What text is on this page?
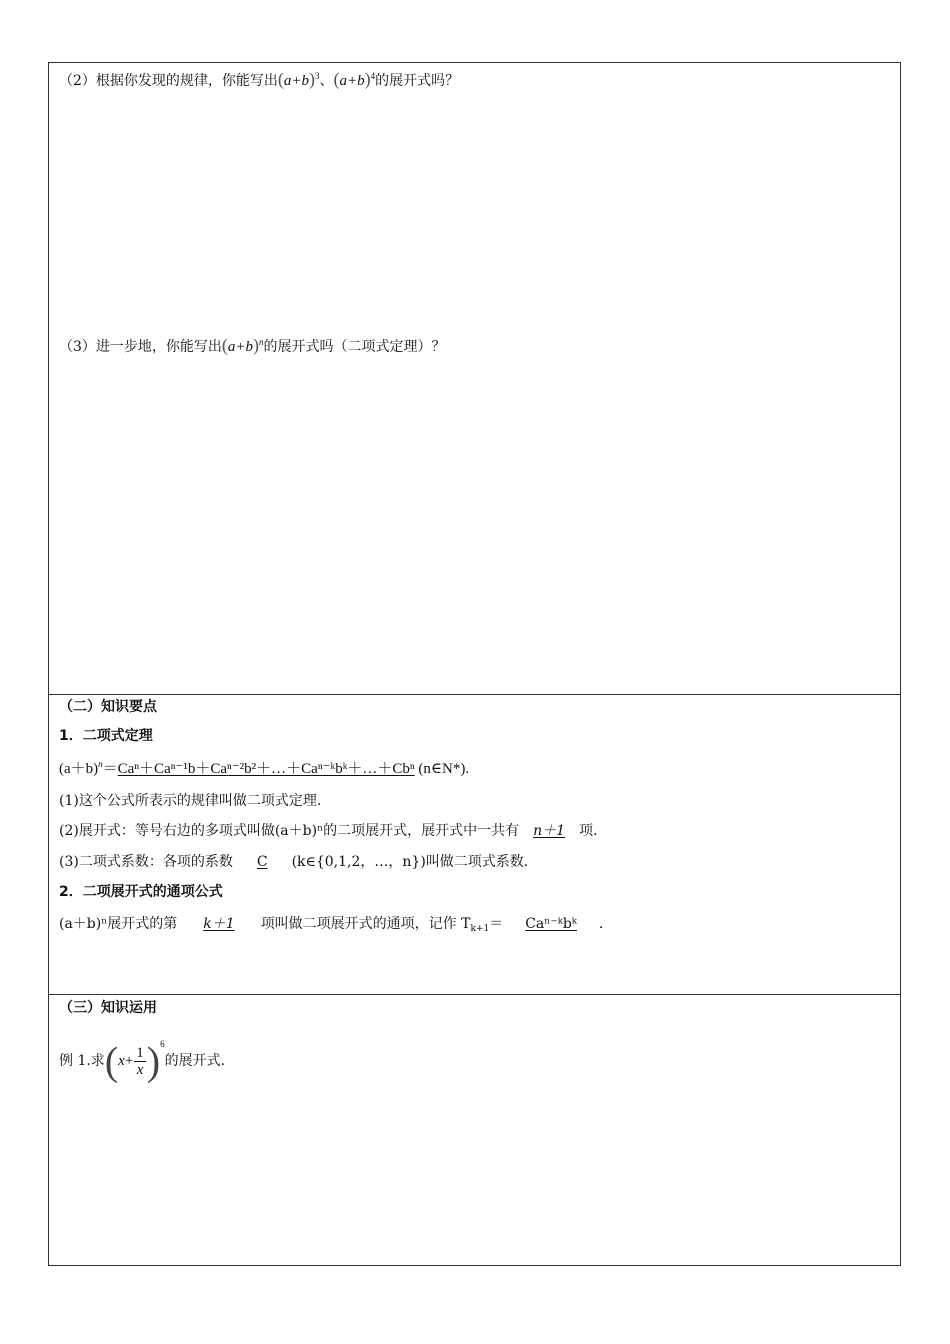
（2）根据你发现的规律，你能写出$(a+b)^3$、$(a+b)^4$的展开式吗？
（3）进一步地，你能写出$(a+b)^n$的展开式吗（二项式定理）？
（二）知识要点
1．二项式定理
$(a+b)^n=Ca^n+Ca^{n-1}b+Ca^{n-2}b^2+\dots+Ca^{n-}ᵏbᵏ+\dots+Cb^n$ (n∈N*).
(1)这个公式所表示的规律叫做二项式定理.
(2)展开式：等号右边的多项式叫做(a＋b)ⁿ的二项展开式，展开式中一共有 n＋1 项.
(3)二项式系数：各项的系数 C (k∈{0,1,2，…，n})叫做二项式系数.
2．二项展开式的通项公式
(a＋b)ⁿ展开式的第 k＋1 项叫做二项展开式的通项，记作 $T_{k+1}=$ Caⁿ⁻ᵏbᵏ .
（三）知识运用
例 1.求$(x+ \frac{1}{x} )^6$的展开式.
